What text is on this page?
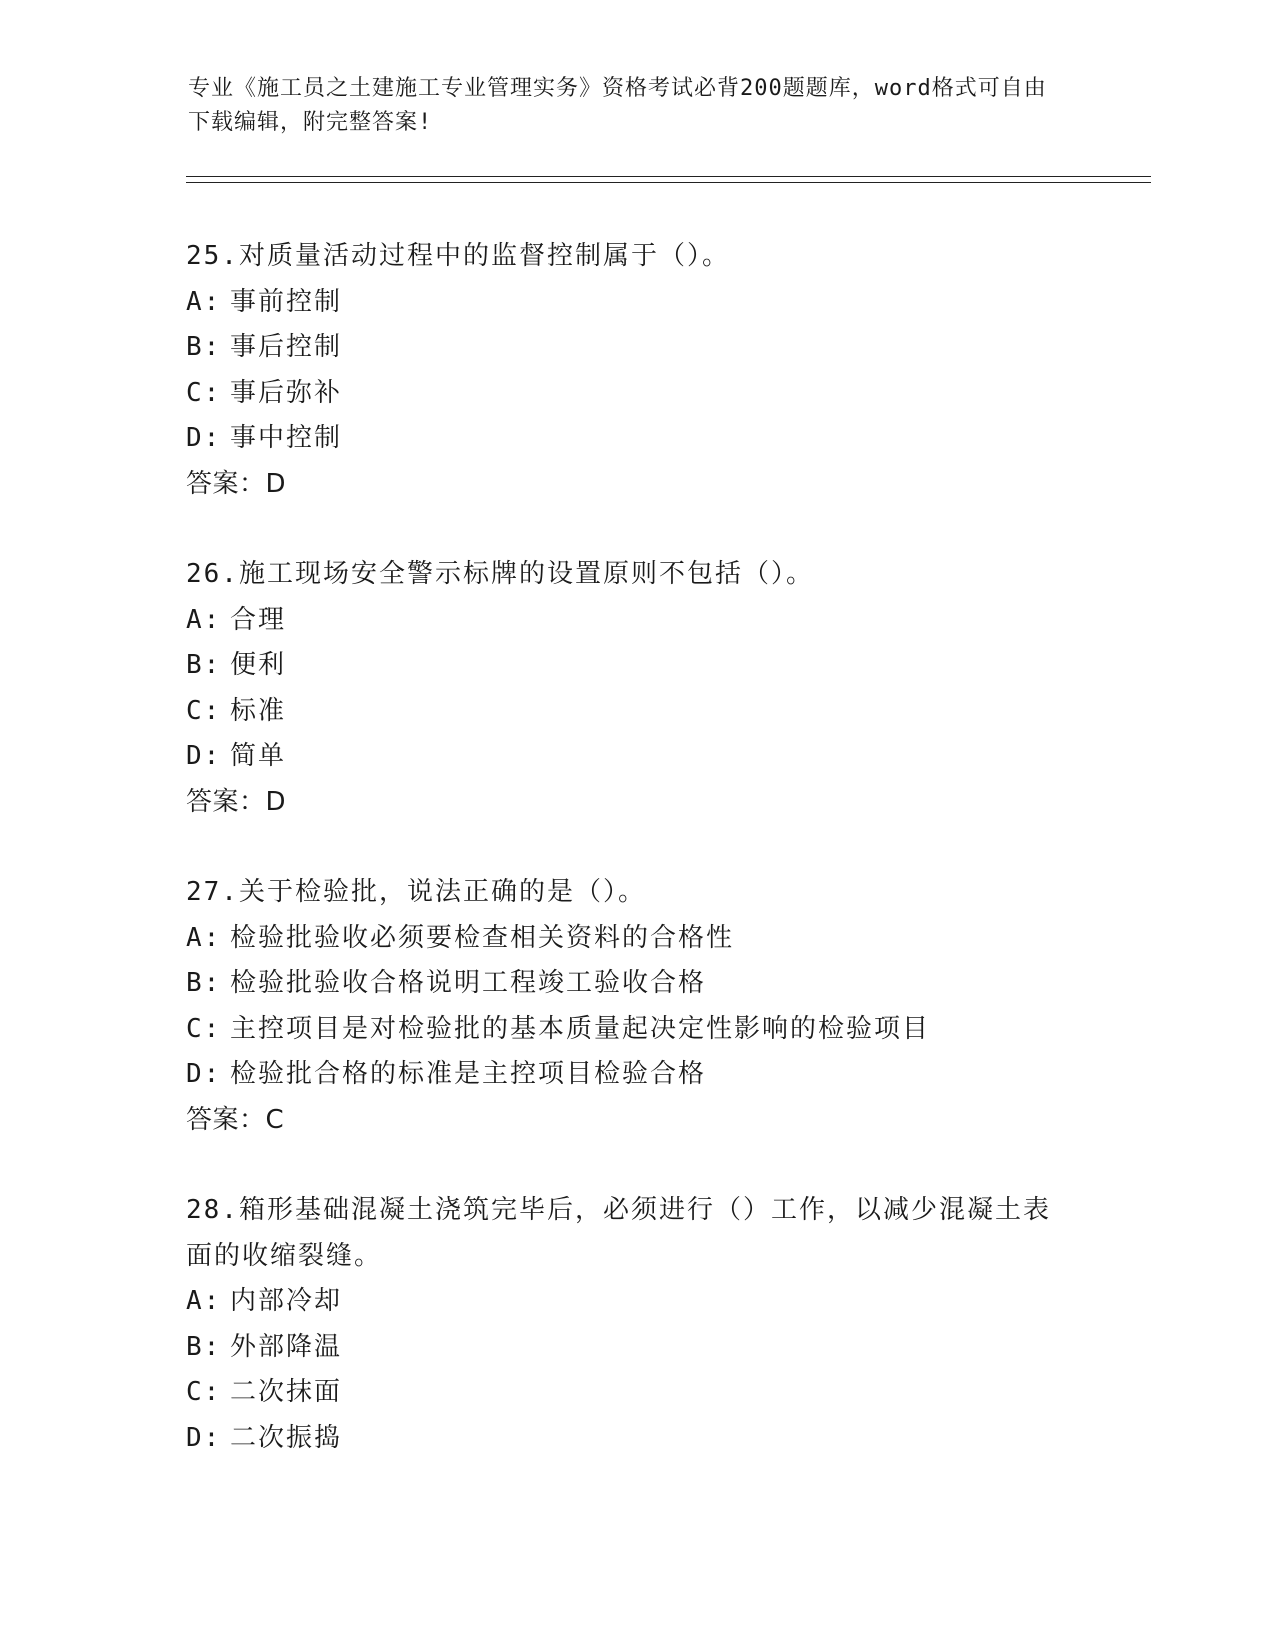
专业《施工员之土建施工专业管理实务》资格考试必背200题题库，word格式可自由下载编辑，附完整答案!
25.对质量活动过程中的监督控制属于（）。
A: 事前控制
B: 事后控制
C: 事后弥补
D: 事中控制
答案：D
26.施工现场安全警示标牌的设置原则不包括（）。
A: 合理
B: 便利
C: 标准
D: 简单
答案：D
27.关于检验批，说法正确的是（）。
A: 检验批验收必须要检查相关资料的合格性
B: 检验批验收合格说明工程竣工验收合格
C: 主控项目是对检验批的基本质量起决定性影响的检验项目
D: 检验批合格的标准是主控项目检验合格
答案：C
28.箱形基础混凝土浇筑完毕后，必须进行（）工作，以减少混凝土表面的收缩裂缝。
A: 内部冷却
B: 外部降温
C: 二次抹面
D: 二次振捣
